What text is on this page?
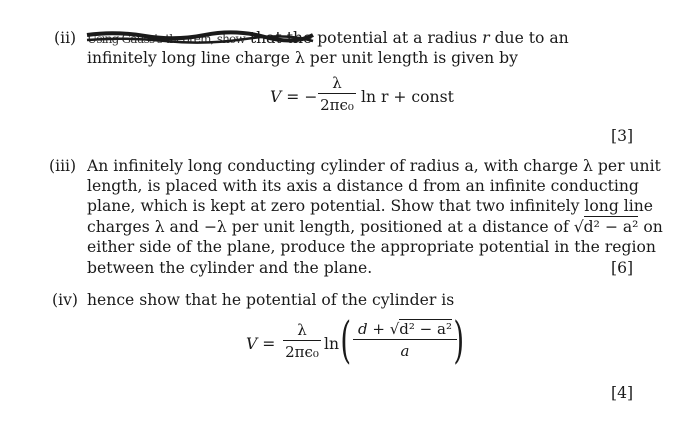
(ii) Using Gauss's theorem, show that the potential at a radius r due to an
infinitely long line charge λ per unit length is given by
V = −
λ
2πϵ₀ ln r + const
[3]
(iii) An infinitely long conducting cylinder of radius a, with charge λ per unit
length, is placed with its axis a distance d from an infinite conducting
plane, which is kept at zero potential. Show that two infinitely long line
charges λ and −λ per unit length, positioned at a distance of √d² − a² on
either side of the plane, produce the appropriate potential in the region
between the cylinder and the plane.	[6]
(iv) hence show that he potential of the cylinder is
V =
λ
2πϵ₀ ln ( d + √d² − a²
a )
[4]
